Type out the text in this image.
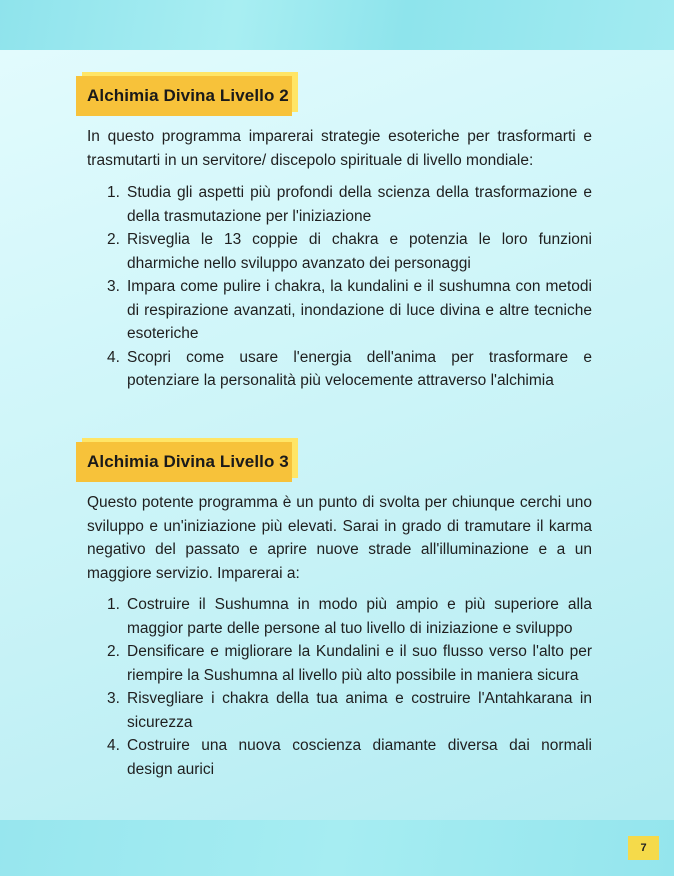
Alchimia Divina Livello 2

In questo programma imparerai strategie esoteriche per trasformarti e trasmutarti in un servitore/ discepolo spirituale di livello mondiale:

1. Studia gli aspetti più profondi della scienza della trasformazione e della trasmutazione per l'iniziazione
2. Risveglia le 13 coppie di chakra e potenzia le loro funzioni dharmiche nello sviluppo avanzato dei personaggi
3. Impara come pulire i chakra, la kundalini e il sushumna con metodi di respirazione avanzati, inondazione di luce divina e altre tecniche esoteriche
4. Scopri come usare l'energia dell'anima per trasformare e potenziare la personalità più velocemente attraverso l'alchimia
Alchimia Divina Livello 3

Questo potente programma è un punto di svolta per chiunque cerchi uno sviluppo e un'iniziazione più elevati. Sarai in grado di tramutare il karma negativo del passato e aprire nuove strade all'illuminazione e a un maggiore servizio. Imparerai a:

1. Costruire il Sushumna in modo più ampio e più superiore alla maggior parte delle persone al tuo livello di iniziazione e sviluppo
2. Densificare e migliorare la Kundalini e il suo flusso verso l'alto per riempire la Sushumna al livello più alto possibile in maniera sicura
3. Risvegliare i chakra della tua anima e costruire l'Antahkarana in sicurezza
4. Costruire una nuova coscienza diamante diversa dai normali design aurici
7
